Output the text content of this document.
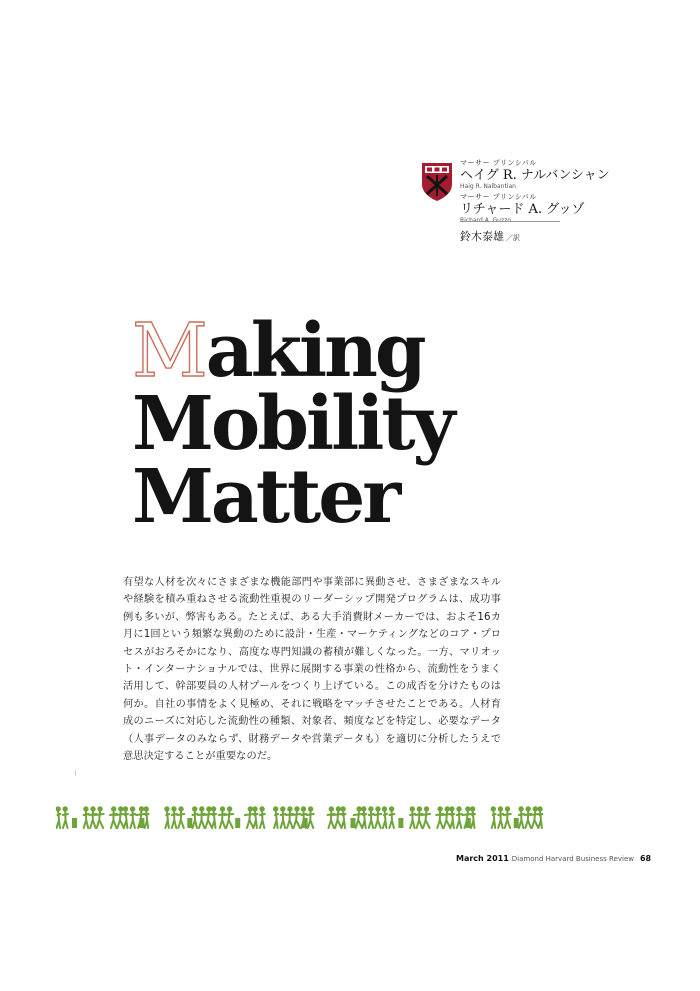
マーサー プリンシパル
ヘイグ R. ナルバンシャン
Haig R. Nalbantian
マーサー プリンシパル
リチャード A. グッゾ
Richard A. Guzzo
鈴木泰雄 ／訳
Making
Mobility
Matter
有望な人材を次々にさまざまな機能部門や事業部に異動させ、さまざまなスキルや経験を積み重ねさせる流動性重視のリーダーシップ開発プログラムは、成功事例も多いが、弊害もある。たとえば、ある大手消費財メーカーでは、およそ16カ月に1回という頻繁な異動のために設計・生産・マーケティングなどのコア・プロセスがおろそかになり、高度な専門知識の蓄積が難しくなった。一方、マリオット・インターナショナルでは、世界に展開する事業の性格から、流動性をうまく活用して、幹部要員の人材プールをつくり上げている。この成否を分けたものは何か。自社の事情をよく見極め、それに戦略をマッチさせたことである。人材育成のニーズに対応した流動性の種類、対象者、頻度などを特定し、必要なデータ（人事データのみならず、財務データや営業データも）を適切に分析したうえで意思決定することが重要なのだ。
March 2011 Diamond Harvard Business Review 68
